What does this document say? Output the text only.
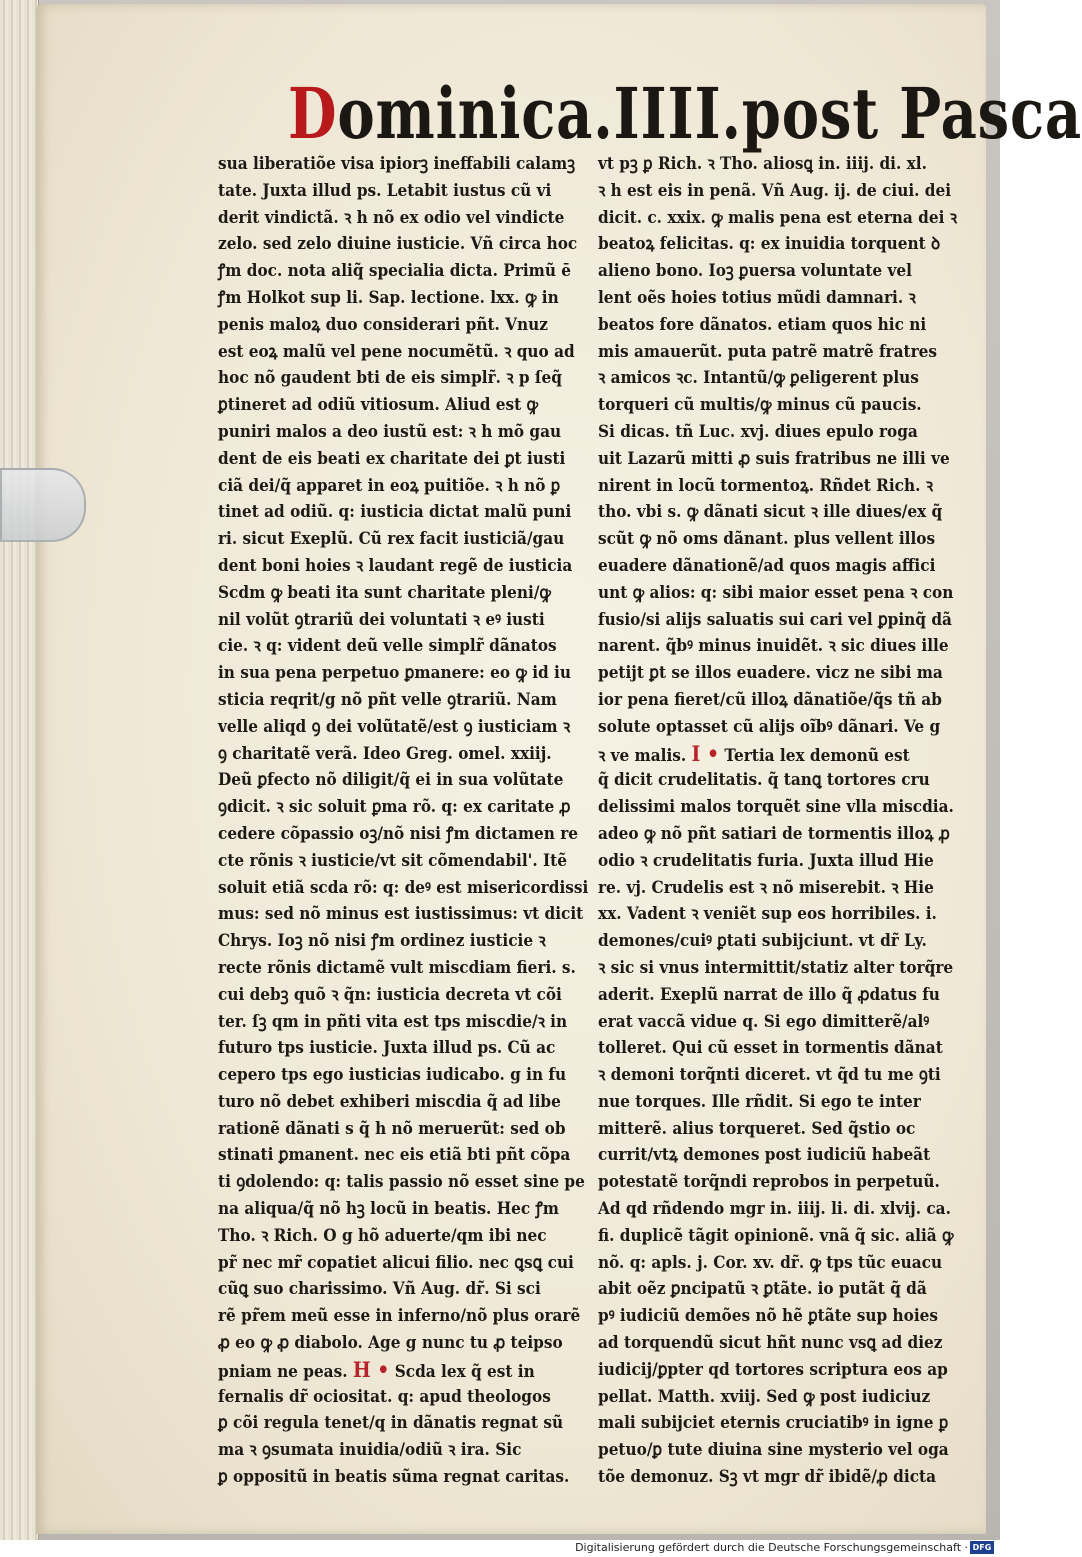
Dominica.IIII.post Pasca
sua liberatiõe visa ipiorꝫ ineffabili calamꝫ
tate. Juxta illud ps. Letabit iustus cũ vi
derit vindictã. ꝛ h nõ ex odio vel vindicte
zelo. sed zelo diuine iusticie. Vñ circa hoc
ꝭm doc. nota aliq̃ specialia dicta. Primũ ē
ꝭm Holkot sup li. Sap. lectione. lxx. ꝙ in
penis maloꝝ duo considerari pñt. Vnuz
est eoꝝ malũ vel pene nocumẽtũ. ꝛ quo ad
hoc nõ gaudent bti de eis simplr̃. ꝛ p ſeq̃
ꝑtineret ad odiũ vitiosum. Aliud est ꝙ
puniri malos a deo iustũ est: ꝛ h mõ gau
dent de eis beati ex charitate dei ꝑt iusti
ciã dei/q̃ apparet in eoꝝ puitiõe. ꝛ h nõ ꝑ
tinet ad odiũ. q: iusticia dictat malũ puni
ri. sicut Exeplũ. Cũ rex facit iusticiã/gau
dent boni hoies ꝛ laudant regẽ de iusticia
Scdm ꝙ beati ita sunt charitate pleni/ꝙ
nil volũt ꝯtrariũ dei voluntati ꝛ eꝰ iusti
cie. ꝛ q: vident deũ velle simplr̃ dãnatos
in sua pena perpetuo ꝑmanere: eo ꝙ id iu
sticia reqrit/g nõ pñt velle ꝯtrariũ. Nam
velle aliqd ꝯ dei volũtatẽ/est ꝯ iusticiam ꝛ
ꝯ charitatẽ verã. Ideo Greg. omel. xxiij.
Deũ ꝑfecto nõ diligit/q̃ ei in sua volũtate
ꝯdicit. ꝛ sic soluit ꝑma rõ. q: ex caritate ꝓ
cedere cõpassio oꝫ/nõ nisi ꝭm dictamen re
cte rõnis ꝛ iusticie/vt sit cõmendabil'. Itẽ
soluit etiã scda rõ: q: deꝰ est misericordissi
mus: sed nõ minus est iustissimus: vt dicit
Chrys. Ioꝫ nõ nisi ꝭm ordinez iusticie ꝛ
recte rõnis dictamẽ vult miscdiam fieri. s.
cui debꝫ quõ ꝛ q̃n: iusticia decreta vt cõi
ter. ſꝫ qm in pñti vita est tps miscdie/ꝛ in
futuro tps iusticie. Juxta illud ps. Cũ ac
cepero tps ego iusticias iudicabo. g in fu
turo nõ debet exhiberi miscdia q̃ ad libe
rationẽ dãnati s q̃ h nõ meruerũt: sed ob
stinati ꝑmanent. nec eis etiã bti pñt cõpa
ti ꝯdolendo: q: talis passio nõ esset sine pe
na aliqua/q̃ nõ hꝫ locũ in beatis. Hec ꝭm
Tho. ꝛ Rich. O g hõ aduerte/qm ibi nec
pr̃ nec mr̃ copatiet alicui filio. nec ꝗsꝗ cui
cũꝗ suo charissimo. Vñ Aug. dr̃. Si sci
rẽ pr̃em meũ esse in inferno/nõ plus orarẽ
ꝓ eo ꝙ ꝓ diabolo. Age g nunc tu ꝓ teipso
pniam ne peas. H • Scda lex q̃ est in
fernalis dr̃ ociositat. q: apud theologos
ꝑ cõi regula tenet/q in dãnatis regnat sũ
ma ꝛ ꝯsumata inuidia/odiũ ꝛ ira. Sic
ꝑ oppositũ in beatis sũma regnat caritas.
vt pꝫ ꝑ Rich. ꝛ Tho. aliosꝗ in. iiij. di. xl.
ꝛ h est eis in penã. Vñ Aug. ij. de ciui. dei
dicit. c. xxix. ꝙ malis pena est eterna dei ꝛ
beatoꝝ felicitas. q: ex inuidia torquent ꝺ
alieno bono. Ioꝫ ꝑuersa voluntate vel
lent oẽs hoies totius mũdi damnari. ꝛ
beatos fore dãnatos. etiam quos hic ni
mis amauerũt. puta patrẽ matrẽ fratres
ꝛ amicos ꝛc. Intantũ/ꝙ ꝑeligerent plus
torqueri cũ multis/ꝙ minus cũ paucis.
Si dicas. tñ Luc. xvj. diues epulo roga
uit Lazarũ mitti ꝓ suis fratribus ne illi ve
nirent in locũ tormentoꝝ. Rñdet Rich. ꝛ
tho. vbi s. ꝙ dãnati sicut ꝛ ille diues/ex q̃
scũt ꝙ nõ oms dãnant. plus vellent illos
euadere dãnationẽ/ad quos magis affici
unt ꝙ alios: q: sibi maior esset pena ꝛ con
fusio/si alijs saluatis sui cari vel ꝑpinq̃ dã
narent. q̃bꝰ minus inuidẽt. ꝛ sic diues ille
petijt ꝑt se illos euadere. vicz ne sibi ma
ior pena fieret/cũ illoꝝ dãnatiõe/q̃s tñ ab
solute optasset cũ alijs oĩbꝰ dãnari. Ve g
ꝛ ve malis. I • Tertia lex demonũ est
q̃ dicit crudelitatis. q̃ tanꝗ tortores cru
delissimi malos torquẽt sine vlla miscdia.
adeo ꝙ nõ pñt satiari de tormentis illoꝝ ꝓ
odio ꝛ crudelitatis furia. Juxta illud Hie
re. vj. Crudelis est ꝛ nõ miserebit. ꝛ Hie
xx. Vadent ꝛ veniẽt sup eos horribiles. i.
demones/cuiꝰ ꝑtati subijciunt. vt dr̃ Ly.
ꝛ sic si vnus intermittit/statiz alter torq̃re
aderit. Exeplũ narrat de illo q̃ ꝓdatus fu
erat vaccã vidue q. Si ego dimitterẽ/alꝰ
tolleret. Qui cũ esset in tormentis dãnat
ꝛ demoni torq̃nti diceret. vt q̃d tu me ꝯti
nue torques. Ille rñdit. Si ego te inter
mitterẽ. alius torqueret. Sed q̃stio oc
currit/vtꝝ demones post iudiciũ habeãt
potestatẽ torq̃ndi reprobos in perpetuũ.
Ad qd rñdendo mgr in. iiij. li. di. xlvij. ca.
fi. duplicẽ tãgit opinionẽ. vnã q̃ sic. aliã ꝙ
nõ. q: apls. j. Cor. xv. dr̃. ꝙ tps tũc euacu
abit oẽz ꝑncipatũ ꝛ ꝑtãte. io putãt q̃ dã
pꝰ iudiciũ demões nõ hẽ ꝑtãte sup hoies
ad torquendũ sicut hñt nunc vsꝗ ad diez
iudicij/ꝑpter qd tortores scriptura eos ap
pellat. Matth. xviij. Sed ꝙ post iudiciuz
mali subijciet eternis cruciatibꝰ in igne ꝑ
petuo/ꝑ tute diuina sine mysterio vel oga
tõe demonuz. Sꝫ vt mgr dr̃ ibidẽ/ꝓ dicta
Digitalisierung gefördert durch die Deutsche Forschungsgemeinschaft · DFG
